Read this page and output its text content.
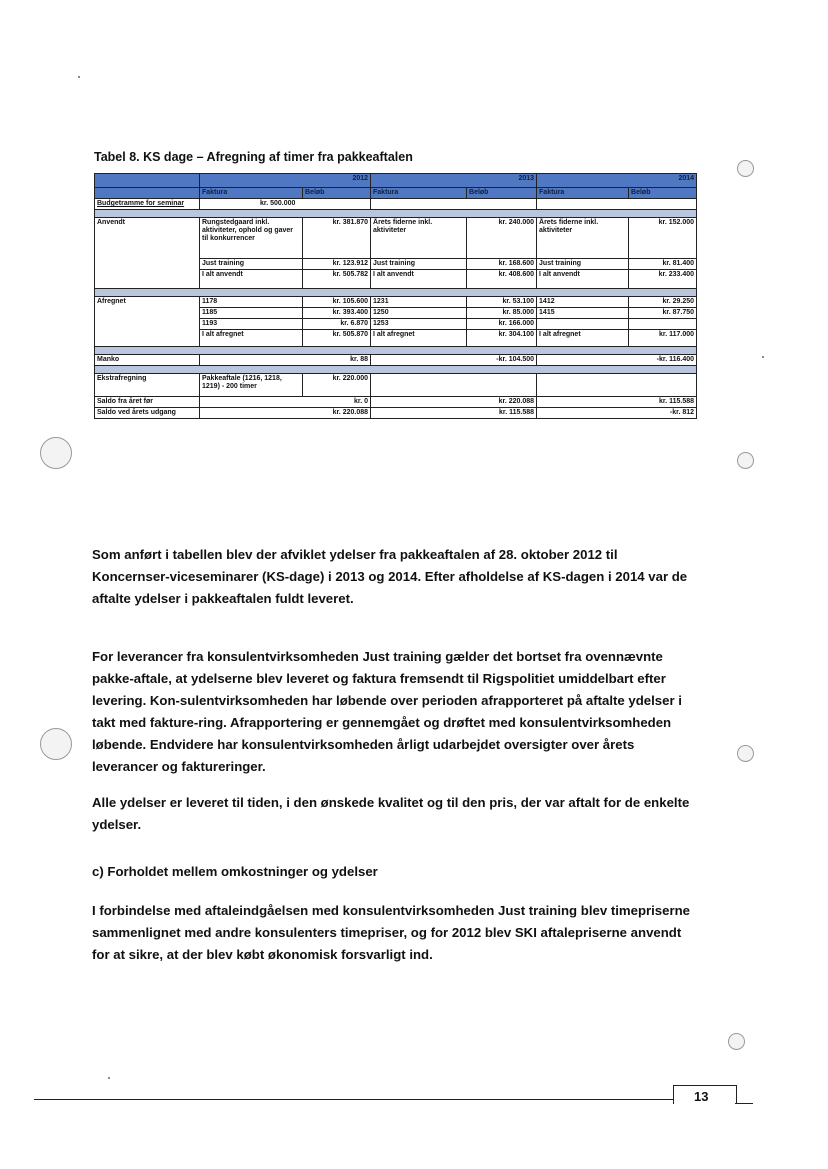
Tabel 8. KS dage – Afregning af timer fra pakkeaftalen
	2012		2013		2014	
	Faktura	Beløb	Faktura	Beløb	Faktura	Beløb
Budgetramme for seminar	kr. 500.000					

Anvendt	Rungstedgaard inkl. aktiviteter, ophold og gaver til konkurrencer	kr. 381.870	Årets fiderne inkl. aktiviteter	kr. 240.000	Årets fiderne inkl. aktiviteter	kr. 152.000
	Just training	kr. 123.912	Just training	kr. 168.600	Just training	kr. 81.400
	I alt anvendt	kr. 505.782	I alt anvendt	kr. 408.600	I alt anvendt	kr. 233.400

Afregnet	1178	kr. 105.600	1231	kr. 53.100	1412	kr. 29.250
	1185	kr. 393.400	1250	kr. 85.000	1415	kr. 87.750
	1193	kr. 6.870	1253	kr. 166.000		
	I alt afregnet	kr. 505.870	I alt afregnet	kr. 304.100	I alt afregnet	kr. 117.000

Manko	kr. 88		-kr. 104.500		-kr. 116.400	

Ekstrafregning	Pakkeaftale (1216, 1218, 1219) - 200 timer	kr. 220.000				
Saldo fra året før	kr. 0		kr. 220.088		kr. 115.588	
Saldo ved årets udgang	kr. 220.088		kr. 115.588		-kr. 812	

Som anført i tabellen blev der afviklet ydelser fra pakkeaftalen af 28. oktober 2012 til Koncernser-viceseminarer (KS-dage) i 2013 og 2014. Efter afholdelse af KS-dagen i 2014 var de aftalte ydelser i pakkeaftalen fuldt leveret.

For leverancer fra konsulentvirksomheden Just training gælder det bortset fra ovennævnte pakke-aftale, at ydelserne blev leveret og faktura fremsendt til Rigspolitiet umiddelbart efter levering. Kon-sulentvirksomheden har løbende over perioden afrapporteret på aftalte ydelser i takt med fakture-ring. Afrapportering er gennemgået og drøftet med konsulentvirksomheden løbende. Endvidere har konsulentvirksomheden årligt udarbejdet oversigter over årets leverancer og faktureringer.

Alle ydelser er leveret til tiden, i den ønskede kvalitet og til den pris, der var aftalt for de enkelte ydelser.

c) Forholdet mellem omkostninger og ydelser

I forbindelse med aftaleindgåelsen med konsulentvirksomheden Just training blev timepriserne sammenlignet med andre konsulenters timepriser, og for 2012 blev SKI aftalepriserne anvendt for at sikre, at der blev købt økonomisk forsvarligt ind.

13
